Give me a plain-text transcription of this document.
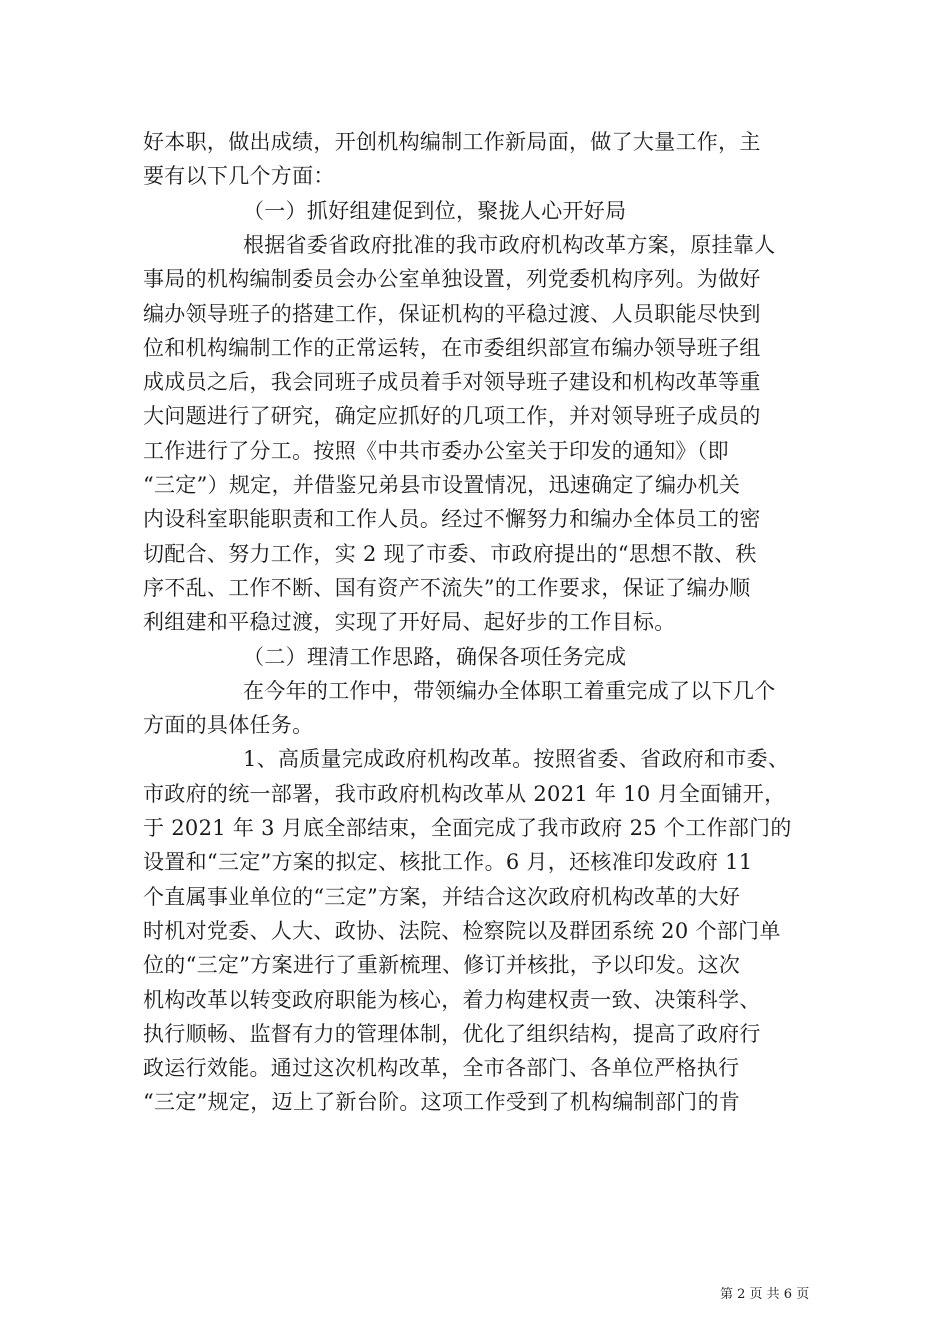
好本职，做出成绩，开创机构编制工作新局面，做了大量工作，主
要有以下几个方面：
（一）抓好组建促到位，聚拢人心开好局
根据省委省政府批准的我市政府机构改革方案，原挂靠人
事局的机构编制委员会办公室单独设置，列党委机构序列。为做好
编办领导班子的搭建工作，保证机构的平稳过渡、人员职能尽快到
位和机构编制工作的正常运转，在市委组织部宣布编办领导班子组
成成员之后，我会同班子成员着手对领导班子建设和机构改革等重
大问题进行了研究，确定应抓好的几项工作，并对领导班子成员的
工作进行了分工。按照《中共市委办公室关于印发的通知》（即
“三定”）规定，并借鉴兄弟县市设置情况，迅速确定了编办机关
内设科室职能职责和工作人员。经过不懈努力和编办全体员工的密
切配合、努力工作，实 2 现了市委、市政府提出的“思想不散、秩
序不乱、工作不断、国有资产不流失”的工作要求，保证了编办顺
利组建和平稳过渡，实现了开好局、起好步的工作目标。
（二）理清工作思路，确保各项任务完成
在今年的工作中，带领编办全体职工着重完成了以下几个
方面的具体任务。
1、高质量完成政府机构改革。按照省委、省政府和市委、
市政府的统一部署，我市政府机构改革从 2021 年 10 月全面铺开，
于 2021 年 3 月底全部结束，全面完成了我市政府 25 个工作部门的
设置和“三定”方案的拟定、核批工作。6 月，还核准印发政府 11
个直属事业单位的“三定”方案，并结合这次政府机构改革的大好
时机对党委、人大、政协、法院、检察院以及群团系统 20 个部门单
位的“三定”方案进行了重新梳理、修订并核批，予以印发。这次
机构改革以转变政府职能为核心，着力构建权责一致、决策科学、
执行顺畅、监督有力的管理体制，优化了组织结构，提高了政府行
政运行效能。通过这次机构改革，全市各部门、各单位严格执行
“三定”规定，迈上了新台阶。这项工作受到了机构编制部门的肯
第 2 页 共 6 页
